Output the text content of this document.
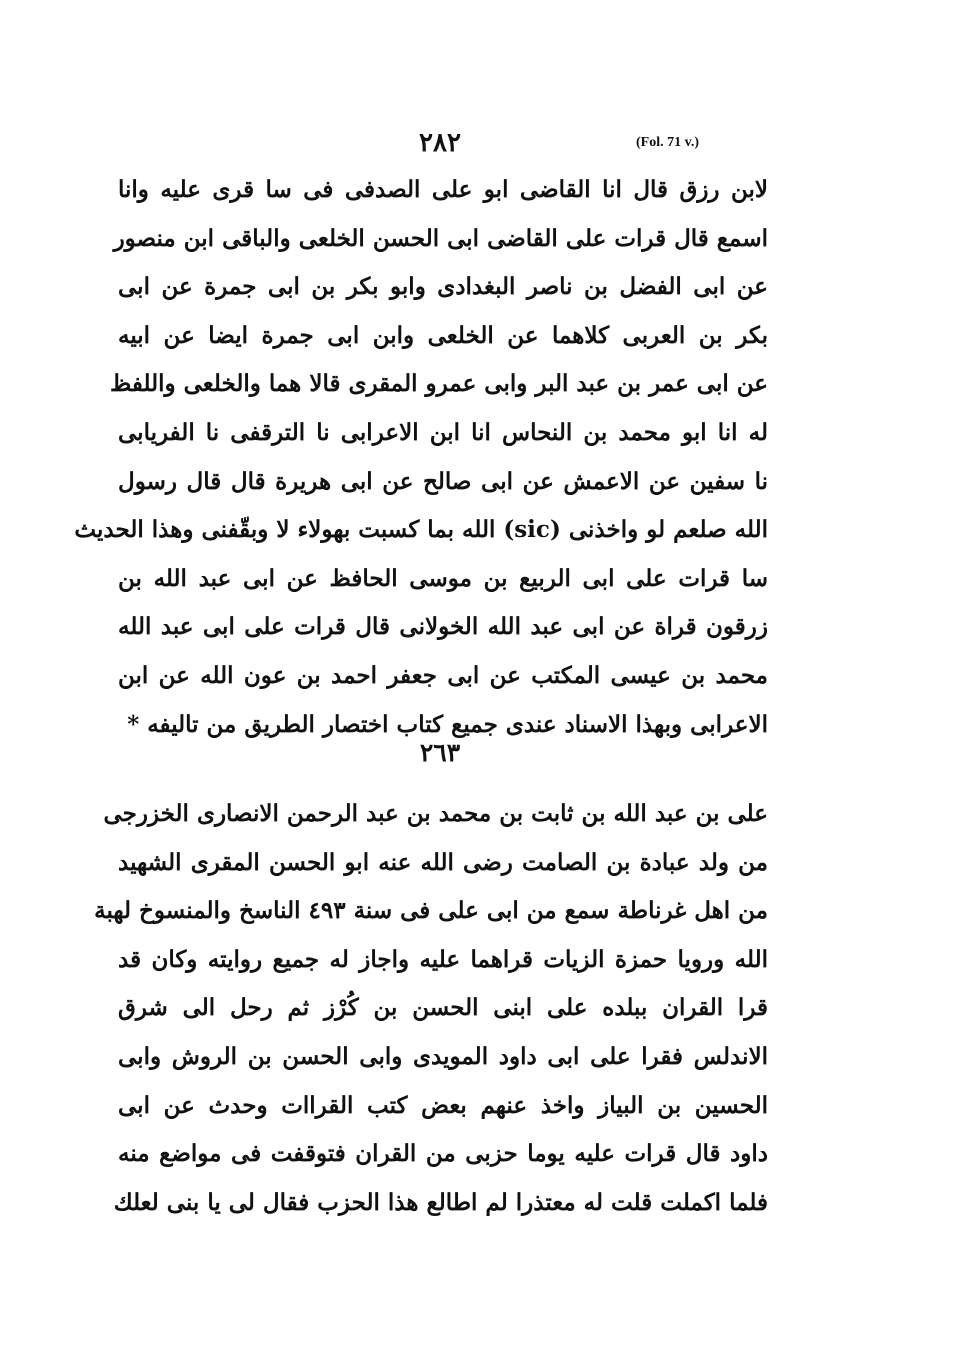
٢٨٢	(Fol. 71 v.)
لابن رزق قال انا القاضى ابو على الصدفى فى سا قرى عليه وانا
اسمع قال قرات على القاضى ابى الحسن الخلعى والباقى ابن منصور
عن ابى الفضل بن ناصر البغدادى وابو بكر بن ابى جمرة عن ابى
بكر بن العربى كلاهما عن الخلعى وابن ابى جمرة ايضا عن ابيه
عن ابى عمر بن عبد البر وابى عمرو المقرى قالا هما والخلعى واللفظ
له انا ابو محمد بن النحاس انا ابن الاعرابى نا الترقفى نا الفريابى
نا سفين عن الاعمش عن ابى صالح عن ابى هريرة قال قال رسول
الله صلعم لو واخذنى (sic) الله بما كسبت بهولاء لا وبقّفنى وهذا الحديث
سا قرات على ابى الربيع بن موسى الحافظ عن ابى عبد الله بن
زرقون قراة عن ابى عبد الله الخولانى قال قرات على ابى عبد الله
محمد بن عيسى المكتب عن ابى جعفر احمد بن عون الله عن ابن
الاعرابى وبهذا الاسناد عندى جميع كتاب اختصار الطريق من تاليفه *
٢٦٣
على بن عبد الله بن ثابت بن محمد بن عبد الرحمن الانصارى الخزرجى
من ولد عبادة بن الصامت رضى الله عنه ابو الحسن المقرى الشهيد
من اهل غرناطة سمع من ابى على فى سنة ٤٩٣ الناسخ والمنسوخ لهبة
الله ورويا حمزة الزيات قراهما عليه واجاز له جميع روايته وكان قد
قرا القران ببلده على ابنى الحسن بن كُرْز ثم رحل الى شرق
الاندلس فقرا على ابى داود المويدى وابى الحسن بن الروش وابى
الحسين بن البياز واخذ عنهم بعض كتب القراات وحدث عن ابى
داود قال قرات عليه يوما حزبى من القران فتوقفت فى مواضع منه
فلما اكملت قلت له معتذرا لم اطالع هذا الحزب فقال لى يا بنى لعلك
